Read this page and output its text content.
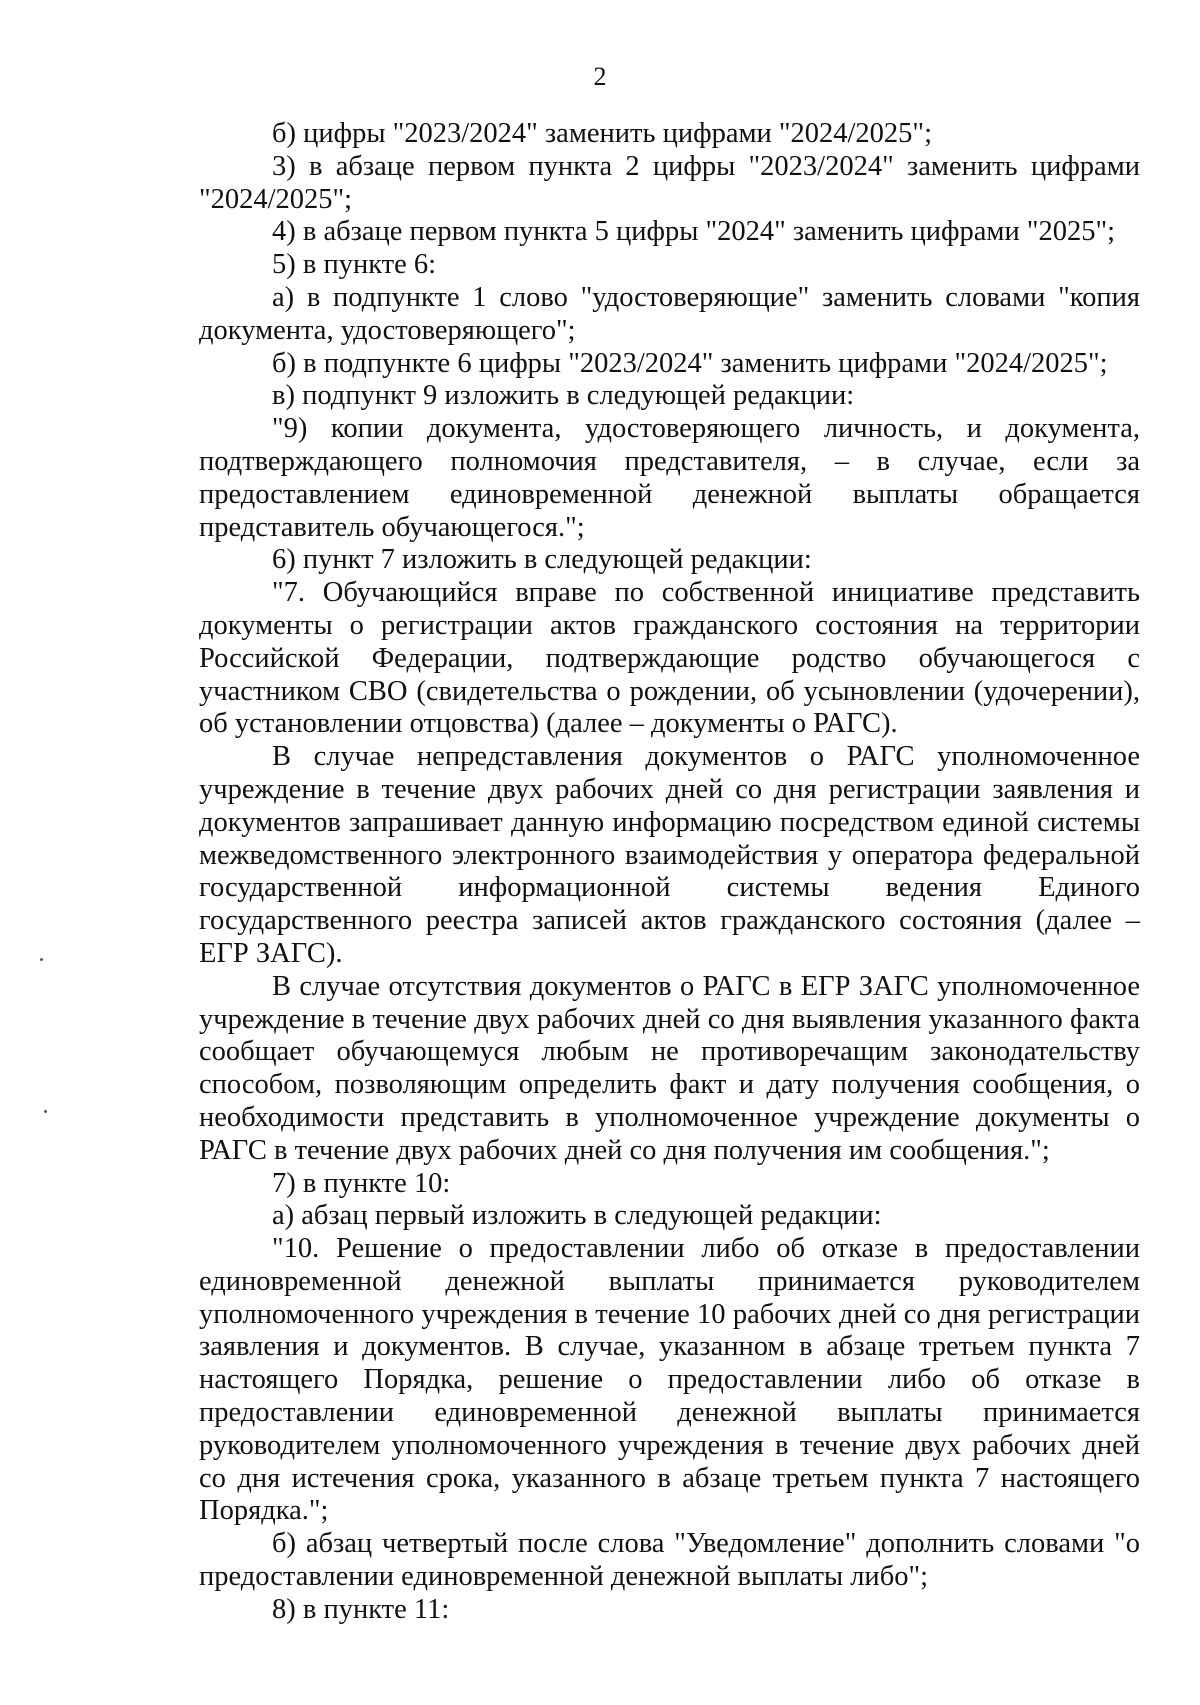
2

б) цифры "2023/2024" заменить цифрами "2024/2025";

3) в абзаце первом пункта 2 цифры "2023/2024" заменить цифрами "2024/2025";

4) в абзаце первом пункта 5 цифры "2024" заменить цифрами "2025";

5) в пункте 6:

а) в подпункте 1 слово "удостоверяющие" заменить словами "копия документа, удостоверяющего";

б) в подпункте 6 цифры "2023/2024" заменить цифрами "2024/2025";

в) подпункт 9 изложить в следующей редакции:

"9) копии документа, удостоверяющего личность, и документа, подтверждающего полномочия представителя, – в случае, если за предоставлением единовременной денежной выплаты обращается представитель обучающегося.";

6) пункт 7 изложить в следующей редакции:

"7. Обучающийся вправе по собственной инициативе представить документы о регистрации актов гражданского состояния на территории Российской Федерации, подтверждающие родство обучающегося с участником СВО (свидетельства о рождении, об усыновлении (удочерении), об установлении отцовства) (далее – документы о РАГС).

В случае непредставления документов о РАГС уполномоченное учреждение в течение двух рабочих дней со дня регистрации заявления и документов запрашивает данную информацию посредством единой системы межведомственного электронного взаимодействия у оператора федеральной государственной информационной системы ведения Единого государственного реестра записей актов гражданского состояния (далее – ЕГР ЗАГС).

В случае отсутствия документов о РАГС в ЕГР ЗАГС уполномоченное учреждение в течение двух рабочих дней со дня выявления указанного факта сообщает обучающемуся любым не противоречащим законодательству способом, позволяющим определить факт и дату получения сообщения, о необходимости представить в уполномоченное учреждение документы о РАГС в течение двух рабочих дней со дня получения им сообщения.";

7) в пункте 10:

а) абзац первый изложить в следующей редакции:

"10. Решение о предоставлении либо об отказе в предоставлении единовременной денежной выплаты принимается руководителем уполномоченного учреждения в течение 10 рабочих дней со дня регистрации заявления и документов. В случае, указанном в абзаце третьем пункта 7 настоящего Порядка, решение о предоставлении либо об отказе в предоставлении единовременной денежной выплаты принимается руководителем уполномоченного учреждения в течение двух рабочих дней со дня истечения срока, указанного в абзаце третьем пункта 7 настоящего Порядка.";

б) абзац четвертый после слова "Уведомление" дополнить словами "о предоставлении единовременной денежной выплаты либо";

8) в пункте 11:
